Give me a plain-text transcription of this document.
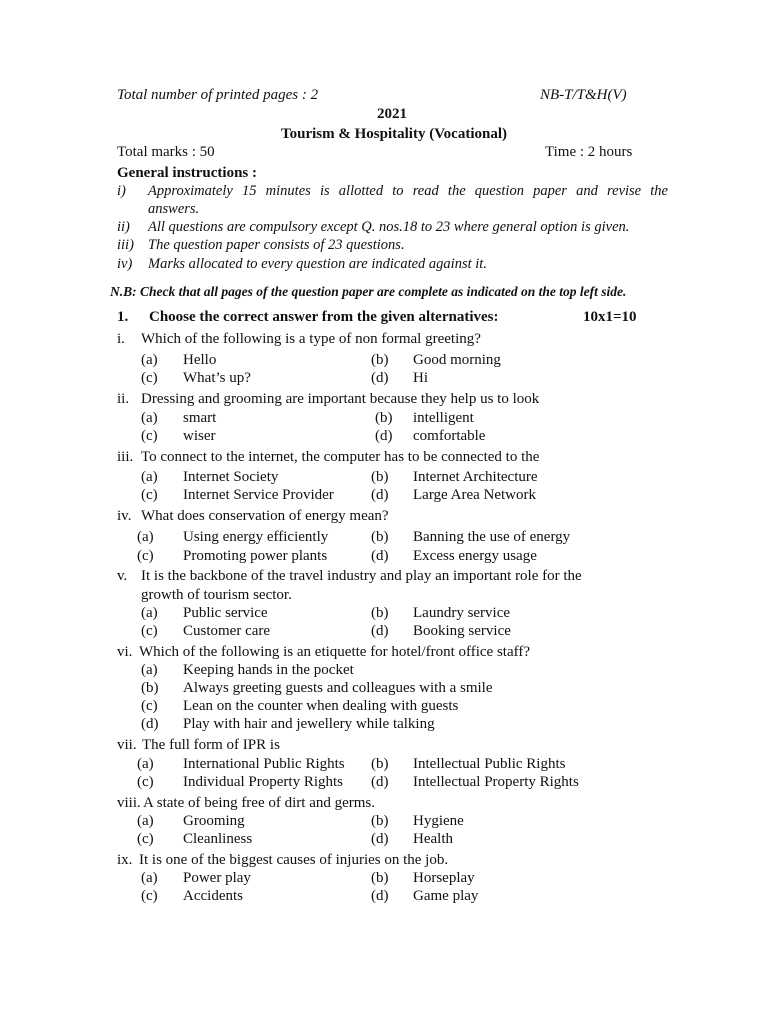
Total number of printed pages : 2	NB-T/T&H(V)
2021
Tourism & Hospitality (Vocational)
Total marks : 50	Time : 2 hours
General instructions :
i) Approximately 15 minutes is allotted to read the question paper and revise the
answers.
ii) All questions are compulsory except Q. nos.18 to 23 where general option is given.
iii) The question paper consists of 23 questions.
iv) Marks allocated to every question are indicated against it.
N.B: Check that all pages of the question paper are complete as indicated on the top left side.
1. Choose the correct answer from the given alternatives:	10x1=10
i. Which of the following is a type of non formal greeting?
(a) Hello	(b) Good morning
(c) What’s up?	(d) Hi
ii. Dressing and grooming are important because they help us to look
(a) smart	(b) intelligent
(c) wiser	(d) comfortable
iii. To connect to the internet, the computer has to be connected to the
(a) Internet Society	(b) Internet Architecture
(c) Internet Service Provider (d) Large Area Network
iv. What does conservation of energy mean?
(a) Using energy efficiently	(b) Banning the use of energy
(c) Promoting power plants	(d) Excess energy usage
v. It is the backbone of the travel industry and play an important role for the
growth of tourism sector.
(a) Public service	(b) Laundry service
(c) Customer care	(d) Booking service
vi. Which of the following is an etiquette for hotel/front office staff?
(a) Keeping hands in the pocket
(b) Always greeting guests and colleagues with a smile
(c) Lean on the counter when dealing with guests
(d) Play with hair and jewellery while talking
vii. The full form of IPR is
(a) International Public Rights (b) Intellectual Public Rights
(c) Individual Property Rights (d) Intellectual Property Rights
viii. A state of being free of dirt and germs.
(a) Grooming	(b) Hygiene
(c) Cleanliness	(d) Health
ix. It is one of the biggest causes of injuries on the job.
(a) Power play	(b) Horseplay
(c) Accidents	(d) Game play
